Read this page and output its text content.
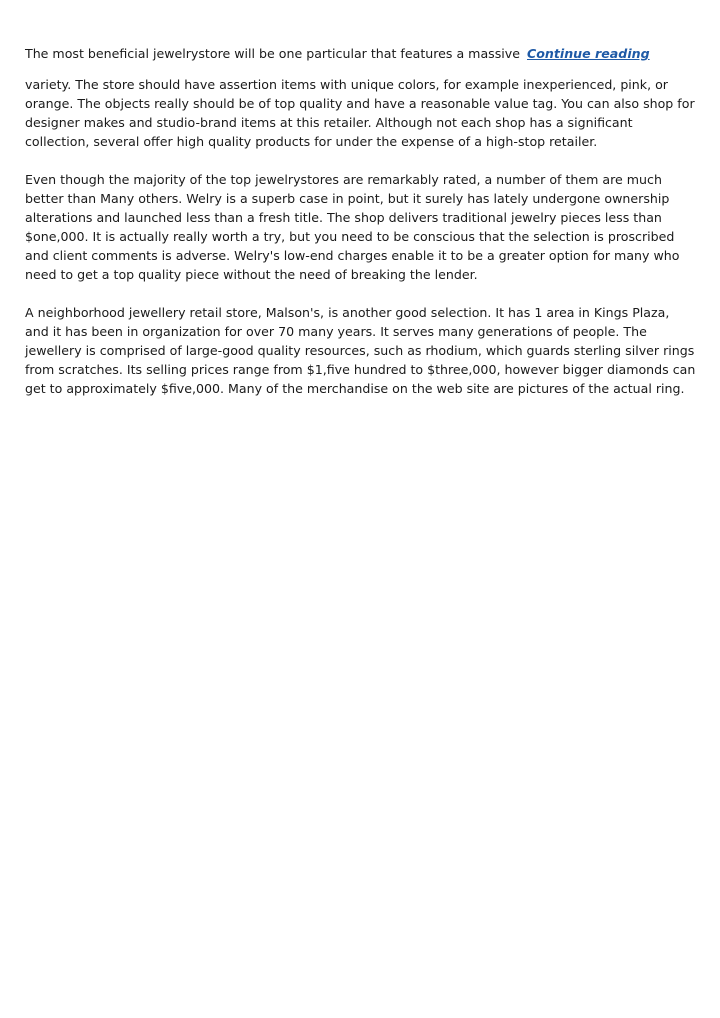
The most beneficial jewelrystore will be one particular that features a massive Continue reading

variety. The store should have assertion items with unique colors, for example inexperienced, pink, or orange. The objects really should be of top quality and have a reasonable value tag. You can also shop for designer makes and studio-brand items at this retailer. Although not each shop has a significant collection, several offer high quality products for under the expense of a high-stop retailer.

Even though the majority of the top jewelrystores are remarkably rated, a number of them are much better than Many others. Welry is a superb case in point, but it surely has lately undergone ownership alterations and launched less than a fresh title. The shop delivers traditional jewelry pieces less than $one,000. It is actually really worth a try, but you need to be conscious that the selection is proscribed and client comments is adverse. Welry's low-end charges enable it to be a greater option for many who need to get a top quality piece without the need of breaking the lender.

A neighborhood jewellery retail store, Malson's, is another good selection. It has 1 area in Kings Plaza, and it has been in organization for over 70 many years. It serves many generations of people. The jewellery is comprised of large-good quality resources, such as rhodium, which guards sterling silver rings from scratches. Its selling prices range from $1,five hundred to $three,000, however bigger diamonds can get to approximately $five,000. Many of the merchandise on the web site are pictures of the actual ring.
